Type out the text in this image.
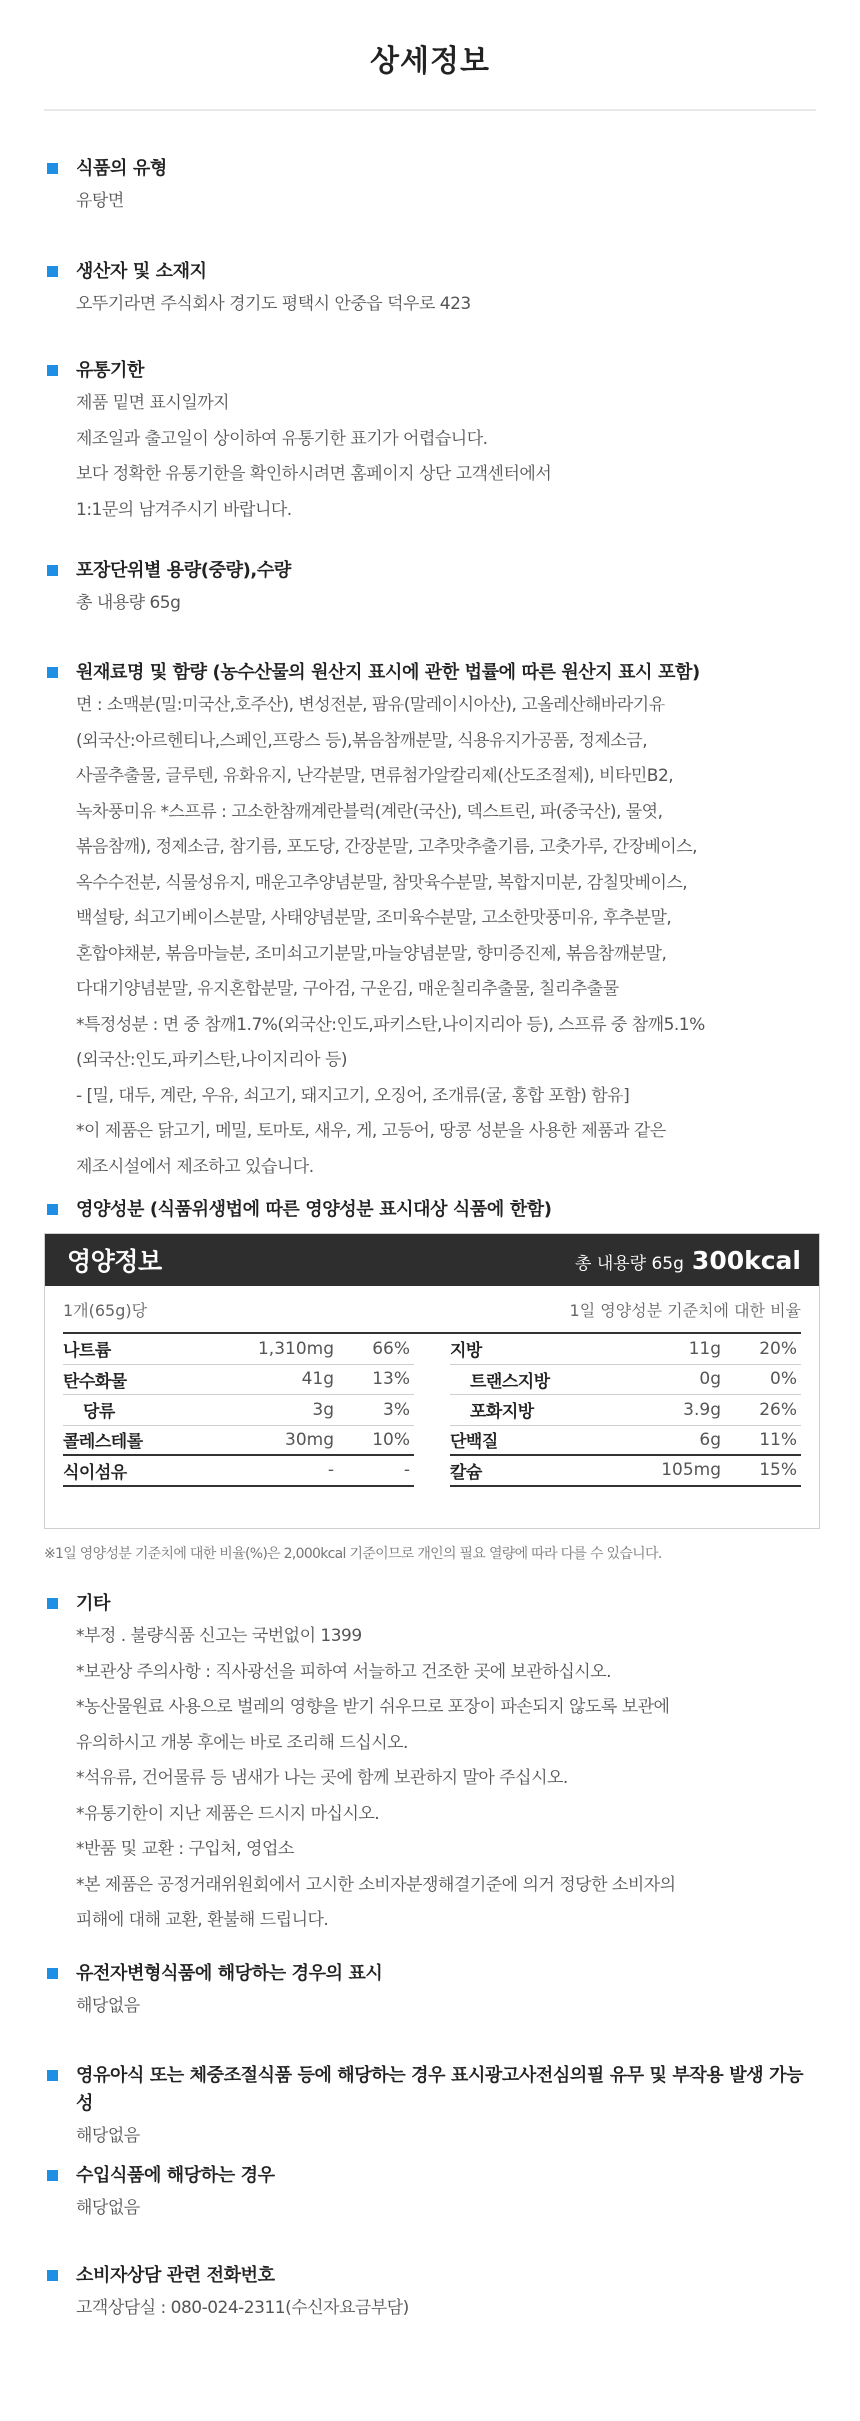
상세정보
영양정보	총 내용량 65g 300kcal
1개(65g)당	1일 영양성분 기준치에 대한 비율
나트륨	1,310mg	66%
탄수화물	41g	13%
당류	3g	3%
콜레스테롤	30mg	10%
식이섬유	-	-
지방	11g	20%
트랜스지방	0g	0%
포화지방	3.9g	26%
단백질	6g	11%
칼슘	105mg	15%
※1일 영양성분 기준치에 대한 비율(%)은 2,000kcal 기준이므로 개인의 필요 열량에 따라 다를 수 있습니다.
식품의 유형
유탕면
생산자 및 소재지
오뚜기라면 주식회사 경기도 평택시 안중읍 덕우로 423
유통기한
제품 밑면 표시일까지
제조일과 출고일이 상이하여 유통기한 표기가 어렵습니다.
보다 정확한 유통기한을 확인하시려면 홈페이지 상단 고객센터에서
1:1문의 남겨주시기 바랍니다.
포장단위별 용량(중량),수량
총 내용량 65g
원재료명 및 함량 (농수산물의 원산지 표시에 관한 법률에 따른 원산지 표시 포함)
면 : 소맥분(밀:미국산,호주산), 변성전분, 팜유(말레이시아산), 고올레산해바라기유
(외국산:아르헨티나,스페인,프랑스 등),볶음참깨분말, 식용유지가공품, 정제소금,
사골추출물, 글루텐, 유화유지, 난각분말, 면류첨가알칼리제(산도조절제), 비타민B2,
녹차풍미유 *스프류 : 고소한참깨계란블럭(계란(국산), 덱스트린, 파(중국산), 물엿,
볶음참깨), 정제소금, 참기름, 포도당, 간장분말, 고추맛추출기름, 고춧가루, 간장베이스,
옥수수전분, 식물성유지, 매운고추양념분말, 참맛육수분말, 복합지미분, 감칠맛베이스,
백설탕, 쇠고기베이스분말, 사태양념분말, 조미육수분말, 고소한맛풍미유, 후추분말,
혼합야채분, 볶음마늘분, 조미쇠고기분말,마늘양념분말, 향미증진제, 볶음참깨분말,
다대기양념분말, 유지혼합분말, 구아검, 구운김, 매운칠리추출물, 칠리추출물
*특정성분 : 면 중 참깨1.7%(외국산:인도,파키스탄,나이지리아 등), 스프류 중 참깨5.1%
(외국산:인도,파키스탄,나이지리아 등)
- [밀, 대두, 계란, 우유, 쇠고기, 돼지고기, 오징어, 조개류(굴, 홍합 포함) 함유]
*이 제품은 닭고기, 메밀, 토마토, 새우, 게, 고등어, 땅콩 성분을 사용한 제품과 같은
제조시설에서 제조하고 있습니다.
영양성분 (식품위생법에 따른 영양성분 표시대상 식품에 한함)
기타
*부정 . 불량식품 신고는 국번없이 1399
*보관상 주의사항 : 직사광선을 피하여 서늘하고 건조한 곳에 보관하십시오.
*농산물원료 사용으로 벌레의 영향을 받기 쉬우므로 포장이 파손되지 않도록 보관에
유의하시고 개봉 후에는 바로 조리해 드십시오.
*석유류, 건어물류 등 냄새가 나는 곳에 함께 보관하지 말아 주십시오.
*유통기한이 지난 제품은 드시지 마십시오.
*반품 및 교환 : 구입처, 영업소
*본 제품은 공정거래위원회에서 고시한 소비자분쟁해결기준에 의거 정당한 소비자의
피해에 대해 교환, 환불해 드립니다.
유전자변형식품에 해당하는 경우의 표시
해당없음
영유아식 또는 체중조절식품 등에 해당하는 경우 표시광고사전심의필 유무 및 부작용 발생 가능성
해당없음
수입식품에 해당하는 경우
해당없음
소비자상담 관련 전화번호
고객상담실 : 080-024-2311(수신자요금부담)
